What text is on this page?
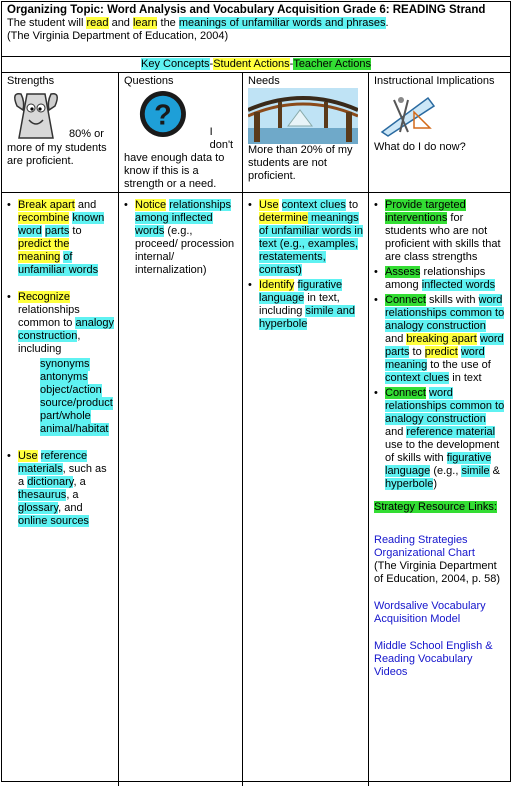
Organizing Topic: Word Analysis and Vocabulary Acquisition Grade 6: READING Strand
The student will read and learn the meanings of unfamiliar words and phrases.
(The Virginia Department of Education, 2004)
Key Concepts-Student Actions-Teacher Actions
Strengths
80% or
more of my students are proficient.
Questions
?
I don't
have enough data to know if this is a strength or a need.
Needs
More than 20% of my students are not proficient.
Instructional Implications
What do I do now?
• Break apart and recombine known word parts to predict the meaning of unfamiliar words
• Recognize
relationships common to analogy construction, including
synonyms
antonyms
object/action
source/product
part/whole
animal/habitat
• Use reference materials, such as a dictionary, a thesaurus, a glossary, and online sources
• Notice relationships among inflected words (e.g., proceed/ procession internal/ internalization)
• Use context clues to determine meanings of unfamiliar words in text (e.g., examples, restatements, contrast)
• Identify figurative language in text, including simile and hyperbole
• Provide targeted interventions for students who are not proficient with skills that are class strengths
• Assess relationships among inflected words
• Connect skills with word relationships common to analogy construction and breaking apart word parts to predict word meaning to the use of context clues in text
• Connect word relationships common to analogy construction and reference material use to the development of skills with figurative language (e.g., simile & hyperbole)
Strategy Resource Links:
Reading Strategies Organizational Chart
(The Virginia Department of Education, 2004, p. 58)
Wordsalive Vocabulary Acquisition Model
Middle School English & Reading Vocabulary Videos
